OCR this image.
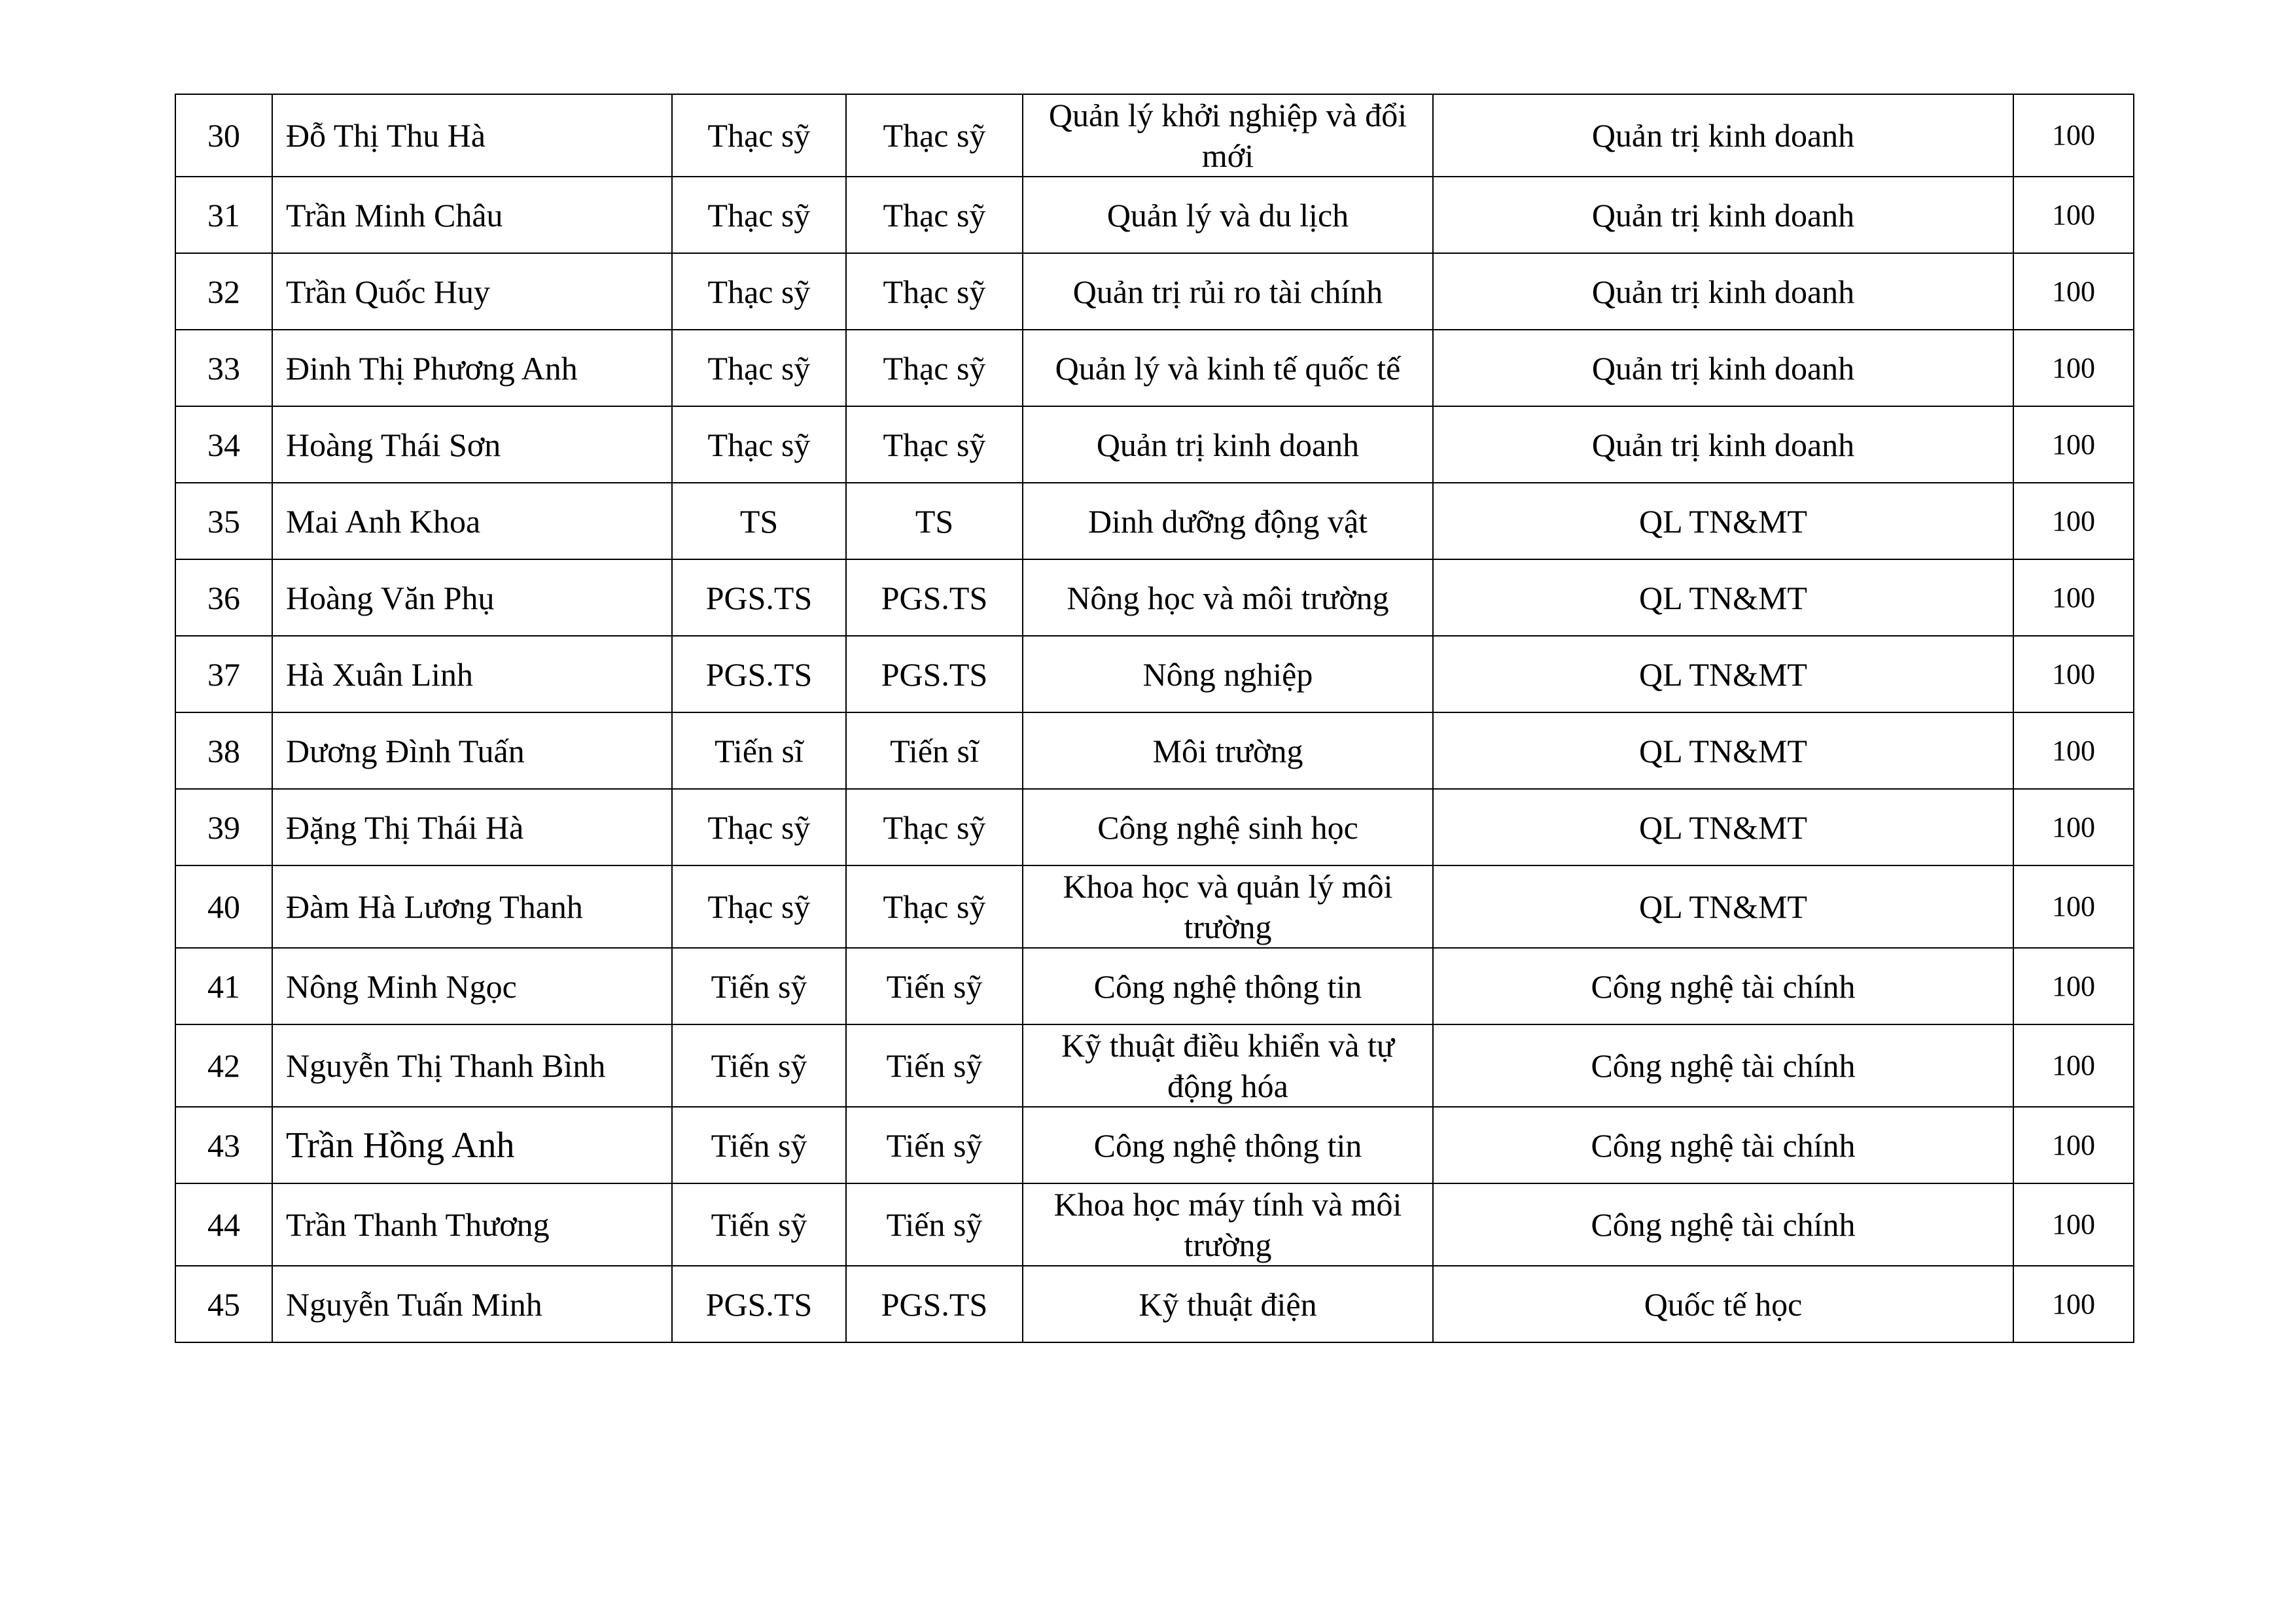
30	Đỗ Thị Thu Hà	Thạc sỹ	Thạc sỹ	Quản lý khởi nghiệp và đổi mới	Quản trị kinh doanh	100
31	Trần Minh Châu	Thạc sỹ	Thạc sỹ	Quản lý và du lịch	Quản trị kinh doanh	100
32	Trần Quốc Huy	Thạc sỹ	Thạc sỹ	Quản trị rủi ro tài chính	Quản trị kinh doanh	100
33	Đinh Thị Phương Anh	Thạc sỹ	Thạc sỹ	Quản lý và kinh tế quốc tế	Quản trị kinh doanh	100
34	Hoàng Thái Sơn	Thạc sỹ	Thạc sỹ	Quản trị kinh doanh	Quản trị kinh doanh	100
35	Mai Anh Khoa	TS	TS	Dinh dưỡng động vật	QL TN&MT	100
36	Hoàng Văn Phụ	PGS.TS	PGS.TS	Nông học và môi trường	QL TN&MT	100
37	Hà Xuân Linh	PGS.TS	PGS.TS	Nông nghiệp	QL TN&MT	100
38	Dương Đình Tuấn	Tiến sĩ	Tiến sĩ	Môi trường	QL TN&MT	100
39	Đặng Thị Thái Hà	Thạc sỹ	Thạc sỹ	Công nghệ sinh học	QL TN&MT	100
40	Đàm Hà Lương Thanh	Thạc sỹ	Thạc sỹ	Khoa học và quản lý môi trường	QL TN&MT	100
41	Nông Minh Ngọc	Tiến sỹ	Tiến sỹ	Công nghệ thông tin	Công nghệ tài chính	100
42	Nguyễn Thị Thanh Bình	Tiến sỹ	Tiến sỹ	Kỹ thuật điều khiển và tự động hóa	Công nghệ tài chính	100
43	Trần Hồng Anh	Tiến sỹ	Tiến sỹ	Công nghệ thông tin	Công nghệ tài chính	100
44	Trần Thanh Thương	Tiến sỹ	Tiến sỹ	Khoa học máy tính và môi trường	Công nghệ tài chính	100
45	Nguyễn Tuấn Minh	PGS.TS	PGS.TS	Kỹ thuật điện	Quốc tế học	100
